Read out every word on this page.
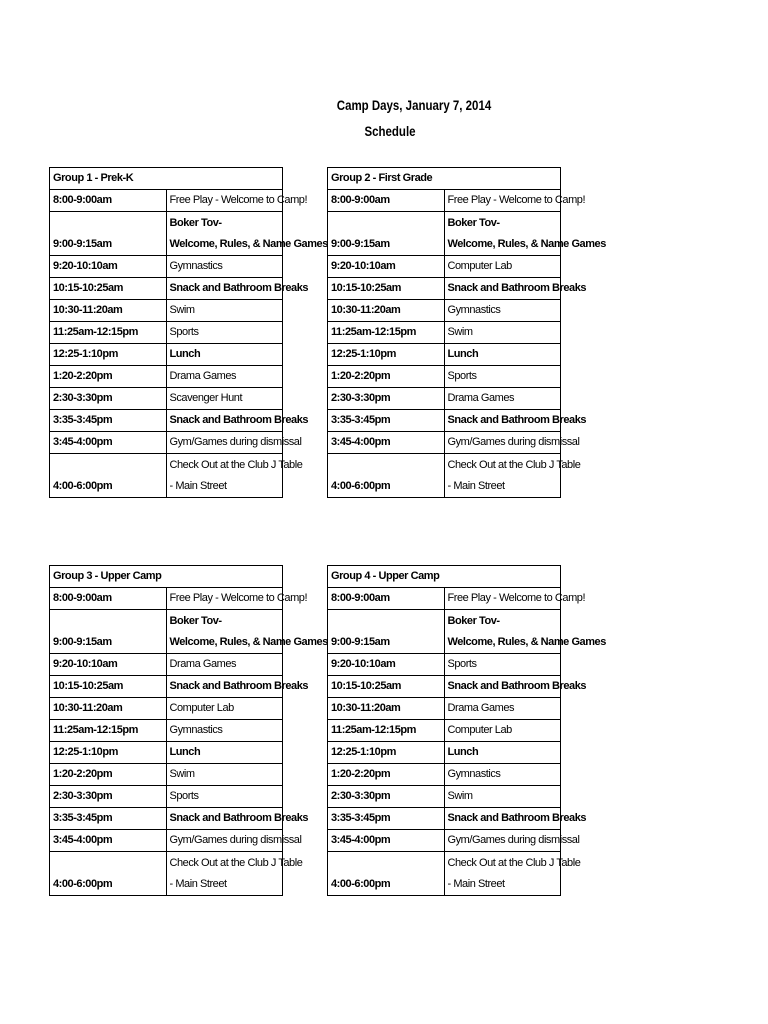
Camp Days, January 7, 2014
Schedule
Group 1 - Prek-K	
8:00-9:00am	Free Play - Welcome to Camp!
9:00-9:15am	Boker Tov-
Welcome, Rules, & Name Games

9:20-10:10am	Gymnastics
10:15-10:25am	Snack and Bathroom Breaks
10:30-11:20am	Swim
11:25am-12:15pm	Sports
12:25-1:10pm	Lunch
1:20-2:20pm	Drama Games
2:30-3:30pm	Scavenger Hunt
3:35-3:45pm	Snack and Bathroom Breaks
3:45-4:00pm	Gym/Games during dismissal
4:00-6:00pm	Check Out at the Club J Table
- Main Street
Group 2 - First Grade	
8:00-9:00am	Free Play - Welcome to Camp!
9:00-9:15am	Boker Tov-
Welcome, Rules, & Name Games

9:20-10:10am	Computer Lab
10:15-10:25am	Snack and Bathroom Breaks
10:30-11:20am	Gymnastics
11:25am-12:15pm	Swim
12:25-1:10pm	Lunch
1:20-2:20pm	Sports
2:30-3:30pm	Drama Games
3:35-3:45pm	Snack and Bathroom Breaks
3:45-4:00pm	Gym/Games during dismissal
4:00-6:00pm	Check Out at the Club J Table
- Main Street
Group 3 - Upper Camp	
8:00-9:00am	Free Play - Welcome to Camp!
9:00-9:15am	Boker Tov-
Welcome, Rules, & Name Games

9:20-10:10am	Drama Games
10:15-10:25am	Snack and Bathroom Breaks
10:30-11:20am	Computer Lab
11:25am-12:15pm	Gymnastics
12:25-1:10pm	Lunch
1:20-2:20pm	Swim
2:30-3:30pm	Sports
3:35-3:45pm	Snack and Bathroom Breaks
3:45-4:00pm	Gym/Games during dismissal
4:00-6:00pm	Check Out at the Club J Table
- Main Street
Group 4 - Upper Camp	
8:00-9:00am	Free Play - Welcome to Camp!
9:00-9:15am	Boker Tov-
Welcome, Rules, & Name Games

9:20-10:10am	Sports
10:15-10:25am	Snack and Bathroom Breaks
10:30-11:20am	Drama Games
11:25am-12:15pm	Computer Lab
12:25-1:10pm	Lunch
1:20-2:20pm	Gymnastics
2:30-3:30pm	Swim
3:35-3:45pm	Snack and Bathroom Breaks
3:45-4:00pm	Gym/Games during dismissal
4:00-6:00pm	Check Out at the Club J Table
- Main Street
